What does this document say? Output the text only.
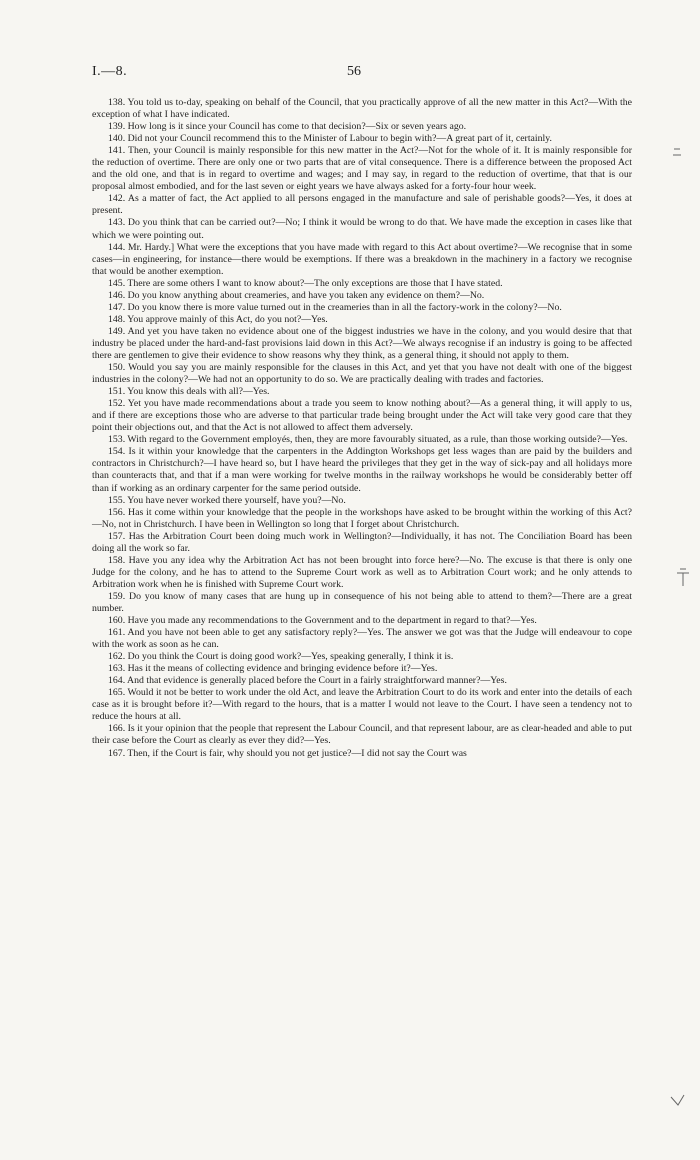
I.—8.	56

138. You told us to-day, speaking on behalf of the Council, that you practically approve of all the new matter in this Act?—With the exception of what I have indicated.

139. How long is it since your Council has come to that decision?—Six or seven years ago.

140. Did not your Council recommend this to the Minister of Labour to begin with?—A great part of it, certainly.

141. Then, your Council is mainly responsible for this new matter in the Act?—Not for the whole of it. It is mainly responsible for the reduction of overtime. There are only one or two parts that are of vital consequence. There is a difference between the proposed Act and the old one, and that is in regard to overtime and wages; and I may say, in regard to the reduction of overtime, that that is our proposal almost embodied, and for the last seven or eight years we have always asked for a forty-four hour week.

142. As a matter of fact, the Act applied to all persons engaged in the manufacture and sale of perishable goods?—Yes, it does at present.

143. Do you think that can be carried out?—No; I think it would be wrong to do that. We have made the exception in cases like that which we were pointing out.

144. Mr. Hardy.] What were the exceptions that you have made with regard to this Act about overtime?—We recognise that in some cases—in engineering, for instance—there would be exemptions. If there was a breakdown in the machinery in a factory we recognise that would be another exemption.

145. There are some others I want to know about?—The only exceptions are those that I have stated.

146. Do you know anything about creameries, and have you taken any evidence on them?—No.

147. Do you know there is more value turned out in the creameries than in all the factory-work in the colony?—No.

148. You approve mainly of this Act, do you not?—Yes.

149. And yet you have taken no evidence about one of the biggest industries we have in the colony, and you would desire that that industry be placed under the hard-and-fast provisions laid down in this Act?—We always recognise if an industry is going to be affected there are gentlemen to give their evidence to show reasons why they think, as a general thing, it should not apply to them.

150. Would you say you are mainly responsible for the clauses in this Act, and yet that you have not dealt with one of the biggest industries in the colony?—We had not an opportunity to do so. We are practically dealing with trades and factories.

151. You know this deals with all?—Yes.

152. Yet you have made recommendations about a trade you seem to know nothing about?—As a general thing, it will apply to us, and if there are exceptions those who are adverse to that particular trade being brought under the Act will take very good care that they point their objections out, and that the Act is not allowed to affect them adversely.

153. With regard to the Government employés, then, they are more favourably situated, as a rule, than those working outside?—Yes.

154. Is it within your knowledge that the carpenters in the Addington Workshops get less wages than are paid by the builders and contractors in Christchurch?—I have heard so, but I have heard the privileges that they get in the way of sick-pay and all holidays more than counteracts that, and that if a man were working for twelve months in the railway workshops he would be considerably better off than if working as an ordinary carpenter for the same period outside.

155. You have never worked there yourself, have you?—No.

156. Has it come within your knowledge that the people in the workshops have asked to be brought within the working of this Act?—No, not in Christchurch. I have been in Wellington so long that I forget about Christchurch.

157. Has the Arbitration Court been doing much work in Wellington?—Individually, it has not. The Conciliation Board has been doing all the work so far.

158. Have you any idea why the Arbitration Act has not been brought into force here?—No. The excuse is that there is only one Judge for the colony, and he has to attend to the Supreme Court work as well as to Arbitration Court work; and he only attends to Arbitration work when he is finished with Supreme Court work.

159. Do you know of many cases that are hung up in consequence of his not being able to attend to them?—There are a great number.

160. Have you made any recommendations to the Government and to the department in regard to that?—Yes.

161. And you have not been able to get any satisfactory reply?—Yes. The answer we got was that the Judge will endeavour to cope with the work as soon as he can.

162. Do you think the Court is doing good work?—Yes, speaking generally, I think it is.

163. Has it the means of collecting evidence and bringing evidence before it?—Yes.

164. And that evidence is generally placed before the Court in a fairly straightforward manner?—Yes.

165. Would it not be better to work under the old Act, and leave the Arbitration Court to do its work and enter into the details of each case as it is brought before it?—With regard to the hours, that is a matter I would not leave to the Court. I have seen a tendency not to reduce the hours at all.

166. Is it your opinion that the people that represent the Labour Council, and that represent labour, are as clear-headed and able to put their case before the Court as clearly as ever they did?—Yes.

167. Then, if the Court is fair, why should you not get justice?—I did not say the Court was
